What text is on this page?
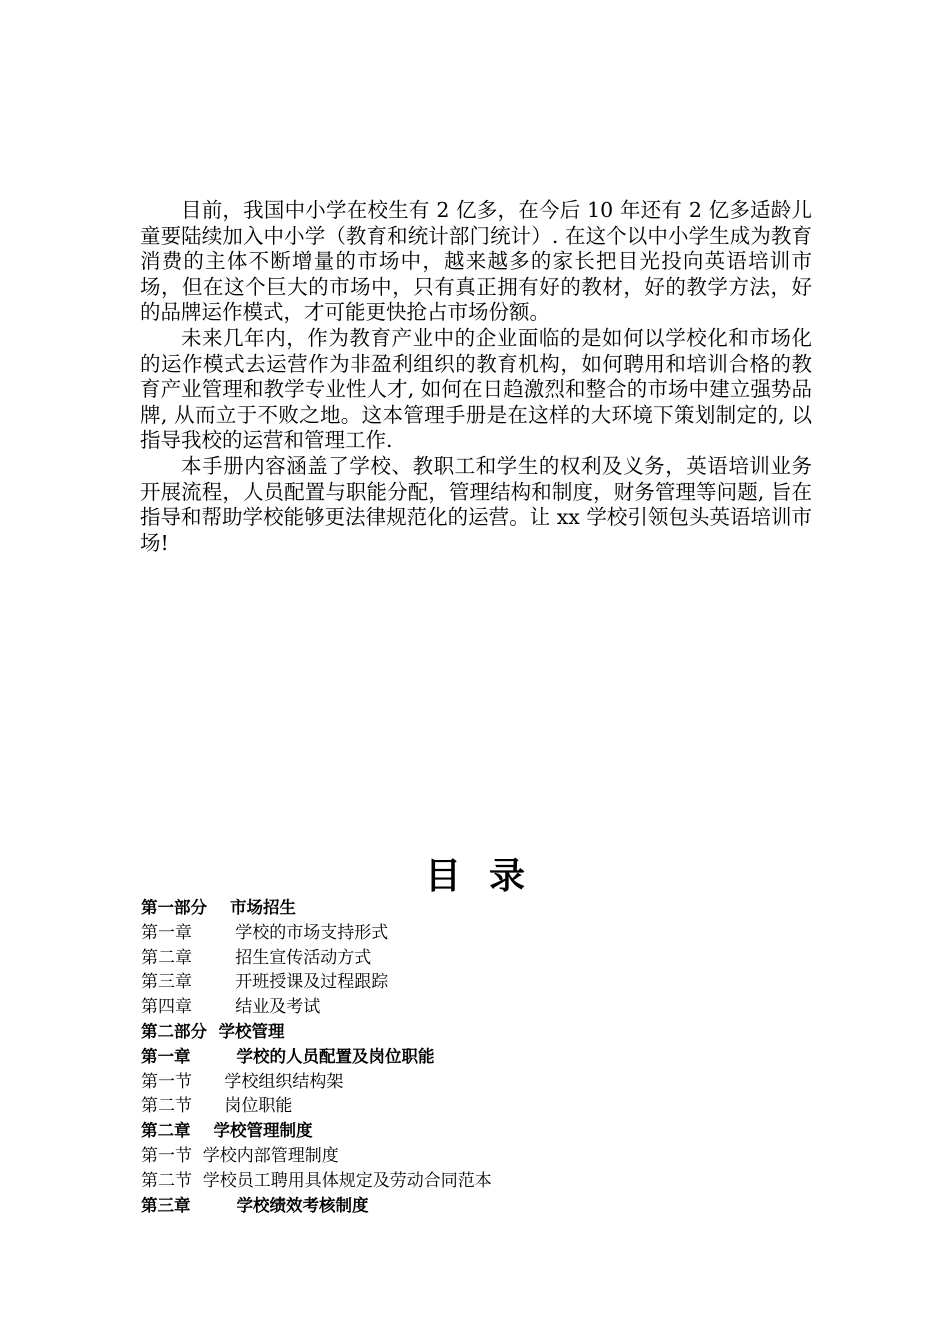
目前，我国中小学在校生有 2 亿多，在今后 10 年还有 2 亿多适龄儿童要陆续加入中小学（教育和统计部门统计）. 在这个以中小学生成为教育消费的主体不断增量的市场中，越来越多的家长把目光投向英语培训市场，但在这个巨大的市场中，只有真正拥有好的教材，好的教学方法，好的品牌运作模式，才可能更快抢占市场份额。

未来几年内，作为教育产业中的企业面临的是如何以学校化和市场化的运作模式去运营作为非盈利组织的教育机构，如何聘用和培训合格的教育产业管理和教学专业性人才, 如何在日趋激烈和整合的市场中建立强势品牌, 从而立于不败之地。这本管理手册是在这样的大环境下策划制定的, 以指导我校的运营和管理工作.

本手册内容涵盖了学校、教职工和学生的权利及义务，英语培训业务开展流程，人员配置与职能分配，管理结构和制度，财务管理等问题, 旨在指导和帮助学校能够更法律规范化的运营。让 xx 学校引领包头英语培训市场!

目录
第一部分    市场招生
第一章        学校的市场支持形式
第二章        招生宣传活动方式
第三章        开班授课及过程跟踪
第四章        结业及考试
第二部分  学校管理
第一章        学校的人员配置及岗位职能
第一节      学校组织结构架
第二节      岗位职能
第二章    学校管理制度
第一节  学校内部管理制度
第二节  学校员工聘用具体规定及劳动合同范本
第三章        学校绩效考核制度
